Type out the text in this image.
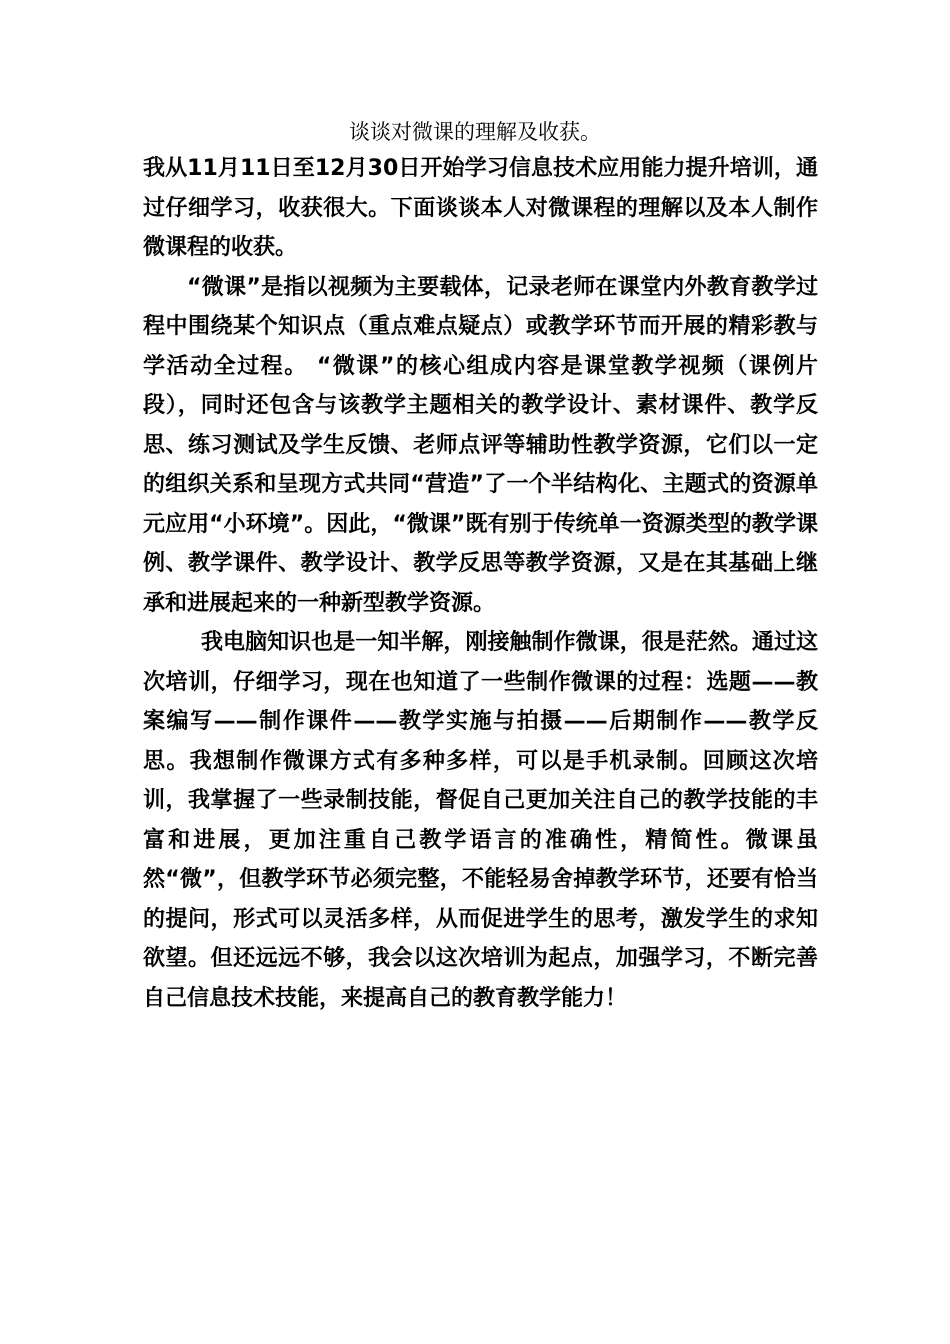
谈谈对微课的理解及收获。

我从11月11日至12月30日开始学习信息技术应用能力提升培训，通过仔细学习，收获很大。下面谈谈本人对微课程的理解以及本人制作微课程的收获。

“微课”是指以视频为主要载体，记录老师在课堂内外教育教学过程中围绕某个知识点（重点难点疑点）或教学环节而开展的精彩教与学活动全过程。 “微课”的核心组成内容是课堂教学视频（课例片段），同时还包含与该教学主题相关的教学设计、素材课件、教学反思、练习测试及学生反馈、老师点评等辅助性教学资源，它们以一定的组织关系和呈现方式共同“营造”了一个半结构化、主题式的资源单元应用“小环境”。因此，“微课”既有别于传统单一资源类型的教学课例、教学课件、教学设计、教学反思等教学资源，又是在其基础上继承和进展起来的一种新型教学资源。

我电脑知识也是一知半解，刚接触制作微课，很是茫然。通过这次培训，仔细学习，现在也知道了一些制作微课的过程：选题——教案编写——制作课件——教学实施与拍摄——后期制作——教学反思。我想制作微课方式有多种多样，可以是手机录制。回顾这次培训，我掌握了一些录制技能，督促自己更加关注自己的教学技能的丰富和进展，更加注重自己教学语言的准确性，精简性。微课虽然“微”，但教学环节必须完整，不能轻易舍掉教学环节，还要有恰当的提问，形式可以灵活多样，从而促进学生的思考，激发学生的求知欲望。但还远远不够，我会以这次培训为起点，加强学习，不断完善自己信息技术技能，来提高自己的教育教学能力！
